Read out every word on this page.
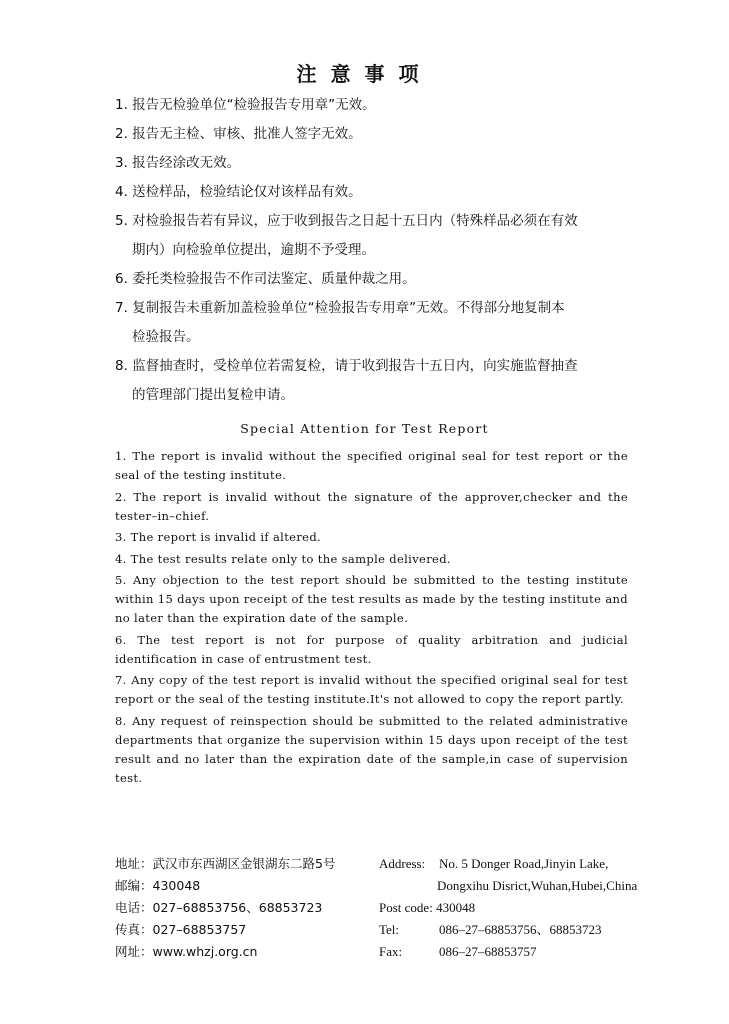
注意事项
1. 报告无检验单位“检验报告专用章”无效。
2. 报告无主检、审核、批准人签字无效。
3. 报告经涂改无效。
4. 送检样品，检验结论仅对该样品有效。
5. 对检验报告若有异议，应于收到报告之日起十五日内（特殊样品必须在有效
期内）向检验单位提出，逾期不予受理。
6. 委托类检验报告不作司法鉴定、质量仲裁之用。
7. 复制报告未重新加盖检验单位“检验报告专用章”无效。不得部分地复制本
检验报告。
8. 监督抽查时，受检单位若需复检，请于收到报告十五日内，向实施监督抽查
的管理部门提出复检申请。
Special Attention for Test Report
1. The report is invalid without the specified original seal for test report or the seal of the testing institute.
2. The report is invalid without the signature of the approver,checker and the tester–in–chief.
3. The report is invalid if altered.
4. The test results relate only to the sample delivered.
5. Any objection to the test report should be submitted to the testing institute within 15 days upon receipt of the test results as made by the testing institute and no later than the expiration date of the sample.
6. The test report is not for purpose of quality arbitration and judicial identification in case of entrustment test.
7. Any copy of the test report is invalid without the specified original seal for test report or the seal of the testing institute.It's not allowed to copy the report partly.
8. Any request of reinspection should be submitted to the related administrative departments that organize the supervision within 15 days upon receipt of the test result and no later than the expiration date of the sample,in case of supervision test.
地址：武汉市东西湖区金银湖东二路5号
邮编：430048
电话：027–68853756、68853723
传真：027–68853757
网址：www.whzj.org.cn
Address: No. 5 Donger Road,Jinyin Lake,
Dongxihu Disrict,Wuhan,Hubei,China
Post code: 430048
Tel:	086–27–68853756、68853723
Fax:	086–27–68853757
